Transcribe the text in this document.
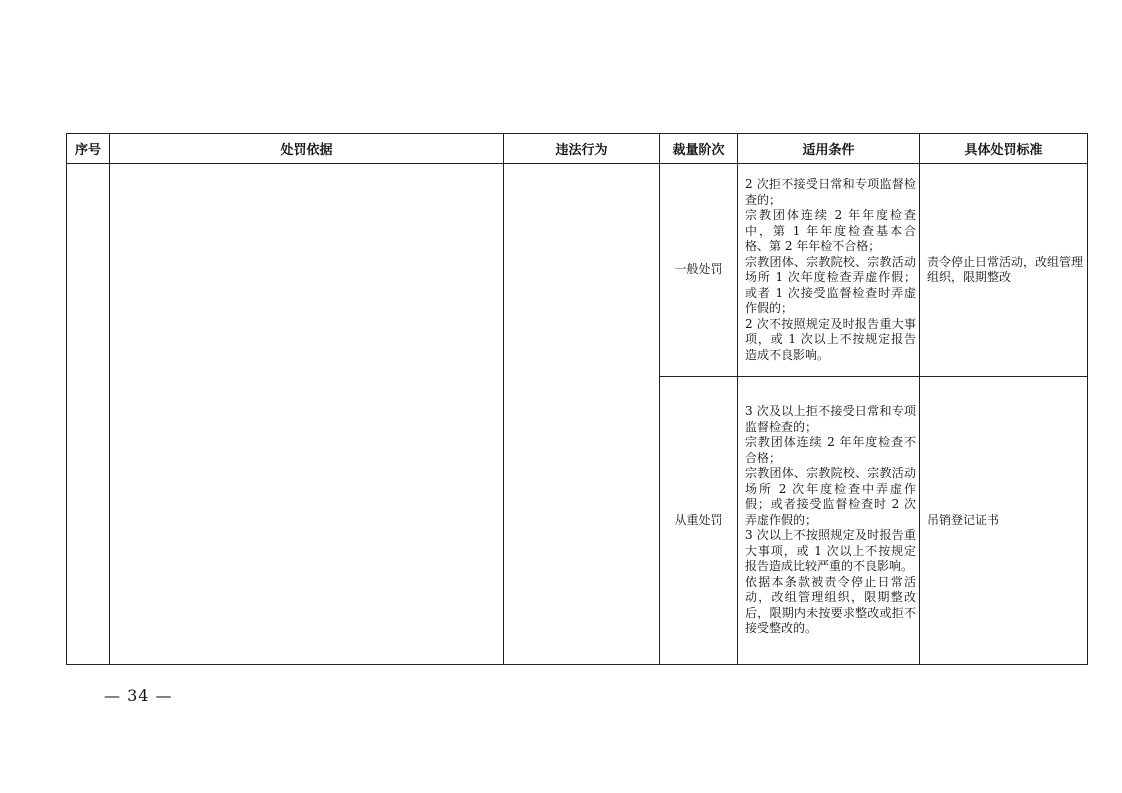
序号	处罚依据	违法行为	裁量阶次	适用条件	具体处罚标准
			一般处罚	2 次拒不接受日常和专项监督检查的；
宗教团体连续 2 年年度检查中，第 1 年年度检查基本合格、第 2 年年检不合格；
宗教团体、宗教院校、宗教活动场所 1 次年度检查弄虚作假；或者 1 次接受监督检查时弄虚作假的；
2 次不按照规定及时报告重大事项，或 1 次以上不按规定报告造成不良影响。	责令停止日常活动，改组管理组织，限期整改
			从重处罚	3 次及以上拒不接受日常和专项监督检查的；
宗教团体连续 2 年年度检查不合格；
宗教团体、宗教院校、宗教活动场所 2 次年度检查中弄虚作假；或者接受监督检查时 2 次弄虚作假的；
3 次以上不按照规定及时报告重大事项，或 1 次以上不按规定报告造成比较严重的不良影响。
依据本条款被责令停止日常活动，改组管理组织，限期整改后，限期内未按要求整改或拒不接受整改的。	吊销登记证书
— 34 —
